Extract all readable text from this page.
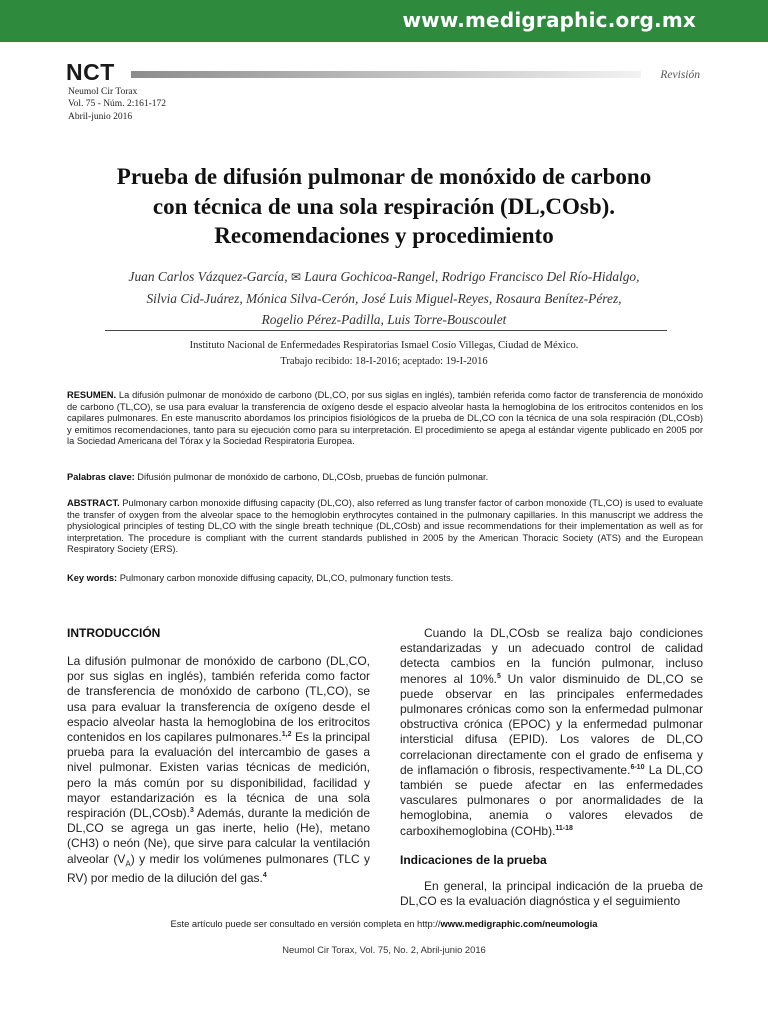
www.medigraphic.org.mx
NCT	Revisión
Neumol Cir Torax
Vol. 75 - Núm. 2:161-172
Abril-junio 2016
Prueba de difusión pulmonar de monóxido de carbono
con técnica de una sola respiración (DL,COsb).
Recomendaciones y procedimiento
Juan Carlos Vázquez-García, ✉ Laura Gochicoa-Rangel, Rodrigo Francisco Del Río-Hidalgo,
Silvia Cid-Juárez, Mónica Silva-Cerón, José Luis Miguel-Reyes, Rosaura Benítez-Pérez,
Rogelio Pérez-Padilla, Luis Torre-Bouscoulet
Instituto Nacional de Enfermedades Respiratorias Ismael Cosío Villegas, Ciudad de México.
Trabajo recibido: 18-I-2016; aceptado: 19-I-2016
RESUMEN. La difusión pulmonar de monóxido de carbono (DL,CO, por sus siglas en inglés), también referida como factor de transferencia de monóxido de carbono (TL,CO), se usa para evaluar la transferencia de oxígeno desde el espacio alveolar hasta la hemoglobina de los eritrocitos contenidos en los capilares pulmonares. En este manuscrito abordamos los principios fisiológicos de la prueba de DL,CO con la técnica de una sola respiración (DL,COsb) y emitimos recomendaciones, tanto para su ejecución como para su interpretación. El procedimiento se apega al estándar vigente publicado en 2005 por la Sociedad Americana del Tórax y la Sociedad Respiratoria Europea.
Palabras clave: Difusión pulmonar de monóxido de carbono, DL,COsb, pruebas de función pulmonar.
ABSTRACT. Pulmonary carbon monoxide diffusing capacity (DL,CO), also referred as lung transfer factor of carbon monoxide (TL,CO) is used to evaluate the transfer of oxygen from the alveolar space to the hemoglobin erythrocytes contained in the pulmonary capillaries. In this manuscript we address the physiological principles of testing DL,CO with the single breath technique (DL,COsb) and issue recommendations for their implementation as well as for interpretation. The procedure is compliant with the current standards published in 2005 by the American Thoracic Society (ATS) and the European Respiratory Society (ERS).
Key words: Pulmonary carbon monoxide diffusing capacity, DL,CO, pulmonary function tests.
INTRODUCCIÓN

La difusión pulmonar de monóxido de carbono (DL,CO, por sus siglas en inglés), también referida como factor de transferencia de monóxido de carbono (TL,CO), se usa para evaluar la transferencia de oxígeno desde el espacio alveolar hasta la hemoglobina de los eritrocitos contenidos en los capilares pulmonares.$^{1,2}$ Es la principal prueba para la evaluación del intercambio de gases a nivel pulmonar. Existen varias técnicas de medición, pero la más común por su disponibilidad, facilidad y mayor estandarización es la técnica de una sola respiración (DL,COsb).$^3$ Además, durante la medición de DL,CO se agrega un gas inerte, helio (He), metano (CH3) o neón (Ne), que sirve para calcular la ventilación alveolar $(V_A)$ y medir los volúmenes pulmonares (TLC y RV) por medio de la dilución del gas.$^4$

Cuando la DL,COsb se realiza bajo condiciones estandarizadas y un adecuado control de calidad detecta cambios en la función pulmonar, incluso menores al 10%.$^5$ Un valor disminuido de DL,CO se puede observar en las principales enfermedades pulmonares crónicas como son la enfermedad pulmonar obstructiva crónica (EPOC) y la enfermedad pulmonar intersticial difusa (EPID). Los valores de DL,CO correlacionan directamente con el grado de enfisema y de inflamación o fibrosis, respectivamente.$^{6-10}$ La DL,CO también se puede afectar en las enfermedades vasculares pulmonares o por anormalidades de la hemoglobina, anemia o valores elevados de carboxihemoglobina (COHb).$^{11-18}$

Indicaciones de la prueba

En general, la principal indicación de la prueba de DL,CO es la evaluación diagnóstica y el seguimiento

Este artículo puede ser consultado en versión completa en http://www.medigraphic.com/neumologia
Neumol Cir Torax, Vol. 75, No. 2, Abril-junio 2016
